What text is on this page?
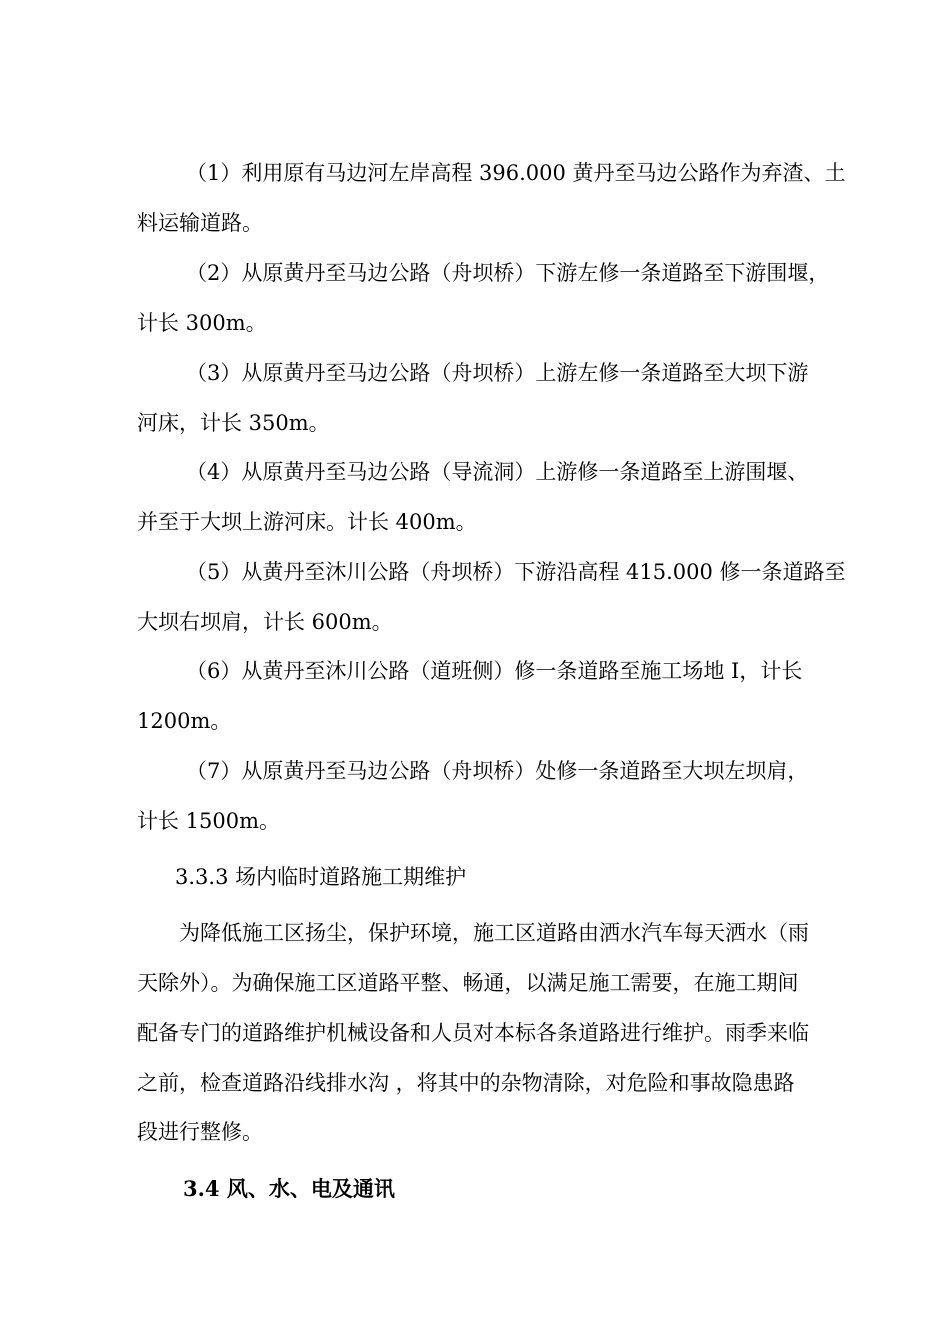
（1）利用原有马边河左岸高程 396.000 黄丹至马边公路作为弃渣、土
料运输道路。
（2）从原黄丹至马边公路（舟坝桥）下游左修一条道路至下游围堰，
计长 300m。
（3）从原黄丹至马边公路（舟坝桥）上游左修一条道路至大坝下游
河床，计长 350m。
（4）从原黄丹至马边公路（导流洞）上游修一条道路至上游围堰、
并至于大坝上游河床。计长 400m。
（5）从黄丹至沐川公路（舟坝桥）下游沿高程 415.000 修一条道路至
大坝右坝肩，计长 600m。
（6）从黄丹至沐川公路（道班侧）修一条道路至施工场地 I，计长
1200m。
（7）从原黄丹至马边公路（舟坝桥）处修一条道路至大坝左坝肩，
计长 1500m。
3.3.3 场内临时道路施工期维护
为降低施工区扬尘，保护环境，施工区道路由洒水汽车每天洒水（雨
天除外）。为确保施工区道路平整、畅通，以满足施工需要，在施工期间
配备专门的道路维护机械设备和人员对本标各条道路进行维护。雨季来临
之前，检查道路沿线排水沟 ，将其中的杂物清除，对危险和事故隐患路
段进行整修。
3.4 风、水、电及通讯
